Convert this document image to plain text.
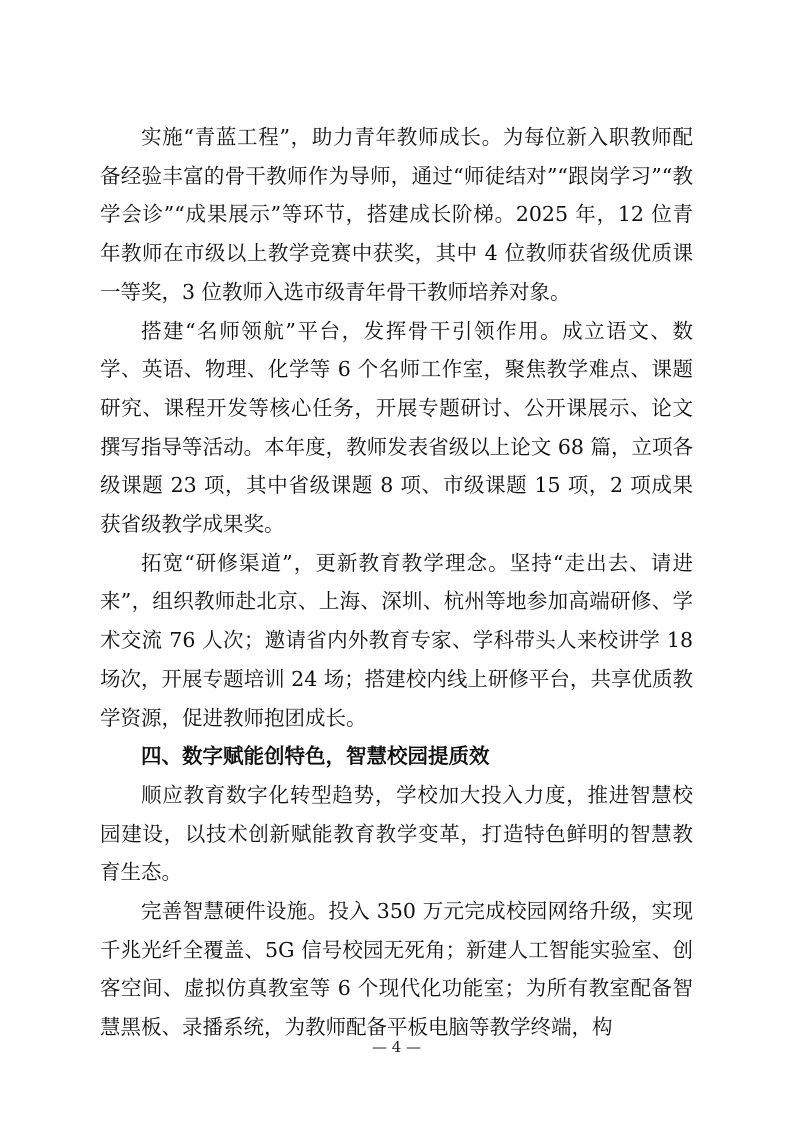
实施“青蓝工程”，助力青年教师成长。为每位新入职教师配备经验丰富的骨干教师作为导师，通过“师徒结对”“跟岗学习”“教学会诊”“成果展示”等环节，搭建成长阶梯。2025 年，12 位青年教师在市级以上教学竞赛中获奖，其中 4 位教师获省级优质课一等奖，3 位教师入选市级青年骨干教师培养对象。

搭建“名师领航”平台，发挥骨干引领作用。成立语文、数学、英语、物理、化学等 6 个名师工作室，聚焦教学难点、课题研究、课程开发等核心任务，开展专题研讨、公开课展示、论文撰写指导等活动。本年度，教师发表省级以上论文 68 篇，立项各级课题 23 项，其中省级课题 8 项、市级课题 15 项，2 项成果获省级教学成果奖。

拓宽“研修渠道”，更新教育教学理念。坚持“走出去、请进来”，组织教师赴北京、上海、深圳、杭州等地参加高端研修、学术交流 76 人次；邀请省内外教育专家、学科带头人来校讲学 18 场次，开展专题培训 24 场；搭建校内线上研修平台，共享优质教学资源，促进教师抱团成长。

四、数字赋能创特色，智慧校园提质效

顺应教育数字化转型趋势，学校加大投入力度，推进智慧校园建设，以技术创新赋能教育教学变革，打造特色鲜明的智慧教育生态。

完善智慧硬件设施。投入 350 万元完成校园网络升级，实现千兆光纤全覆盖、5G 信号校园无死角；新建人工智能实验室、创客空间、虚拟仿真教室等 6 个现代化功能室；为所有教室配备智慧黑板、录播系统，为教师配备平板电脑等教学终端，构

— 4 —
